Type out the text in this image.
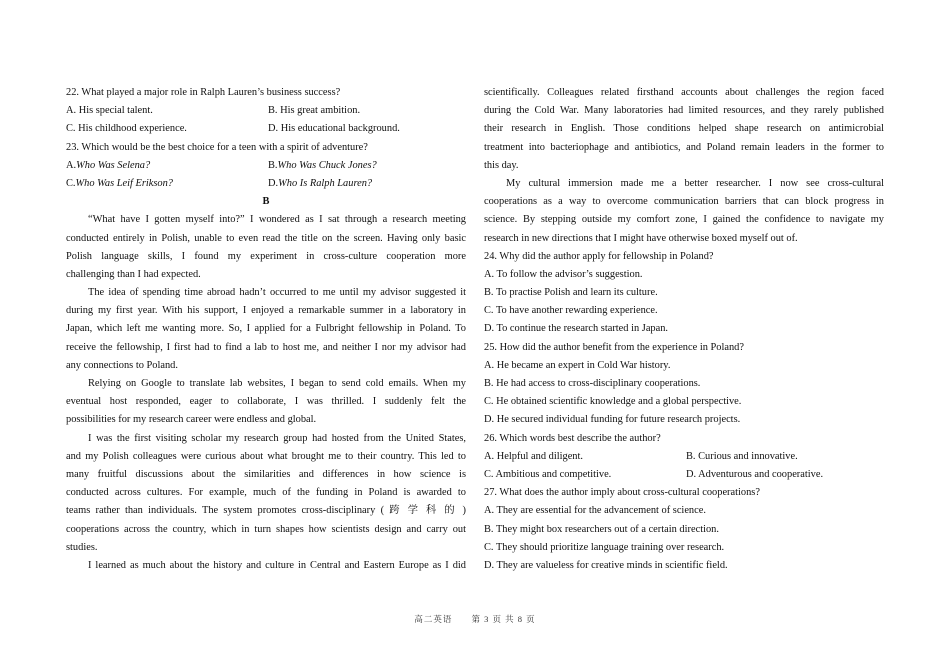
22. What played a major role in Ralph Lauren’s business success?
A. His special talent.	B. His great ambition.
C. His childhood experience.	D. His educational background.
23. Which would be the best choice for a teen with a spirit of adventure?
A.Who Was Selena?	B.Who Was Chuck Jones?
C.Who Was Leif Erikson?	D.Who Is Ralph Lauren?
B
“What have I gotten myself into?” I wondered as I sat through a research meeting
conducted entirely in Polish, unable to even read the title on the screen. Having only basic
Polish language skills, I found my experiment in cross-culture cooperation more
challenging than I had expected.
The idea of spending time abroad hadn’t occurred to me until my advisor suggested it
during my first year. With his support, I enjoyed a remarkable summer in a laboratory in
Japan, which left me wanting more. So, I applied for a Fulbright fellowship in Poland. To
receive the fellowship, I first had to find a lab to host me, and neither I nor my advisor had
any connections to Poland.
Relying on Google to translate lab websites, I began to send cold emails. When my
eventual host responded, eager to collaborate, I was thrilled. I suddenly felt the
possibilities for my research career were endless and global.
I was the first visiting scholar my research group had hosted from the United States,
and my Polish colleagues were curious about what brought me to their country. This led to
many fruitful discussions about the similarities and differences in how science is
conducted across cultures. For example, much of the funding in Poland is awarded to
teams rather than individuals. The system promotes cross-disciplinary ( 跨 学 科 的 )
cooperations across the country, which in turn shapes how scientists design and carry out
studies.
I learned as much about the history and culture in Central and Eastern Europe as I did
scientifically. Colleagues related firsthand accounts about challenges the region faced
during the Cold War. Many laboratories had limited resources, and they rarely published
their research in English. Those conditions helped shape research on antimicrobial
treatment into bacteriophage and antibiotics, and Poland remain leaders in the former to
this day.
My cultural immersion made me a better researcher. I now see cross-cultural
cooperations as a way to overcome communication barriers that can block progress in
science. By stepping outside my comfort zone, I gained the confidence to navigate my
research in new directions that I might have otherwise boxed myself out of.
24. Why did the author apply for fellowship in Poland?
A. To follow the advisor’s suggestion.
B. To practise Polish and learn its culture.
C. To have another rewarding experience.
D. To continue the research started in Japan.
25. How did the author benefit from the experience in Poland?
A. He became an expert in Cold War history.
B. He had access to cross-disciplinary cooperations.
C. He obtained scientific knowledge and a global perspective.
D. He secured individual funding for future research projects.
26. Which words best describe the author?
A. Helpful and diligent.	B. Curious and innovative.
C. Ambitious and competitive.	D. Adventurous and cooperative.
27. What does the author imply about cross-cultural cooperations?
A. They are essential for the advancement of science.
B. They might box researchers out of a certain direction.
C. They should prioritize language training over research.
D. They are valueless for creative minds in scientific field.
高二英语 第 3 页 共 8 页
